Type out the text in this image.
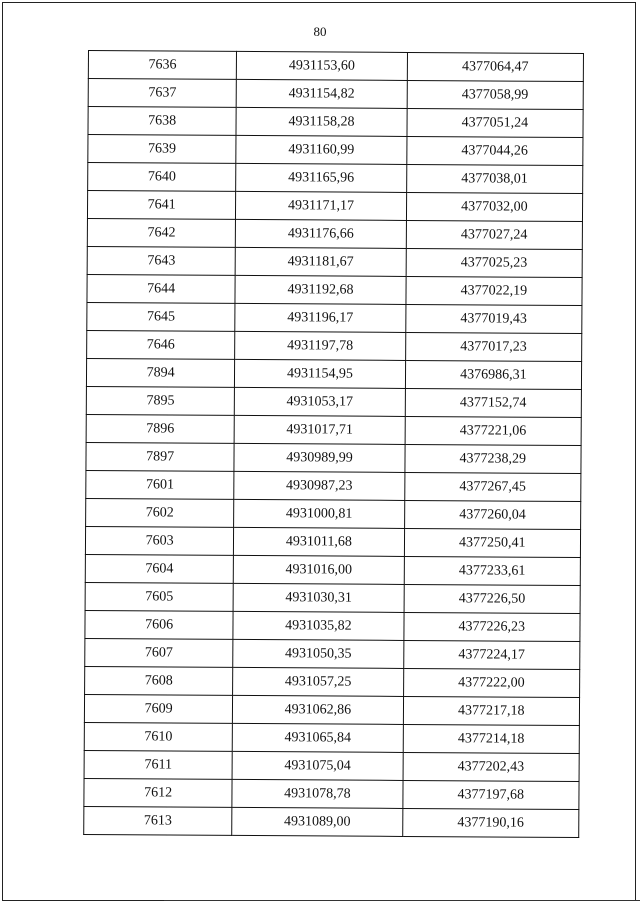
80
7636	4931153,60	4377064,47
7637	4931154,82	4377058,99
7638	4931158,28	4377051,24
7639	4931160,99	4377044,26
7640	4931165,96	4377038,01
7641	4931171,17	4377032,00
7642	4931176,66	4377027,24
7643	4931181,67	4377025,23
7644	4931192,68	4377022,19
7645	4931196,17	4377019,43
7646	4931197,78	4377017,23
7894	4931154,95	4376986,31
7895	4931053,17	4377152,74
7896	4931017,71	4377221,06
7897	4930989,99	4377238,29
7601	4930987,23	4377267,45
7602	4931000,81	4377260,04
7603	4931011,68	4377250,41
7604	4931016,00	4377233,61
7605	4931030,31	4377226,50
7606	4931035,82	4377226,23
7607	4931050,35	4377224,17
7608	4931057,25	4377222,00
7609	4931062,86	4377217,18
7610	4931065,84	4377214,18
7611	4931075,04	4377202,43
7612	4931078,78	4377197,68
7613	4931089,00	4377190,16
